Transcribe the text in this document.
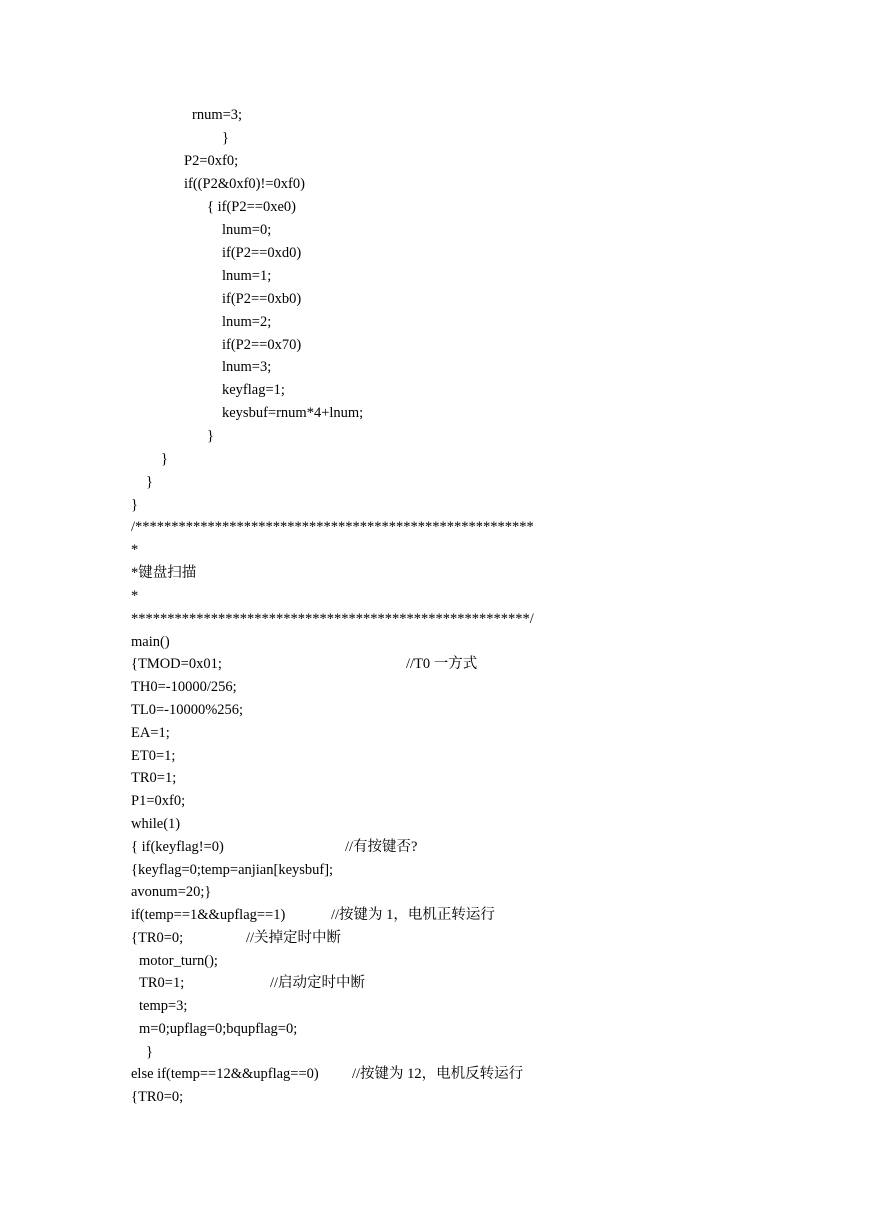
rnum=3;
}
P2=0xf0;
if((P2&0xf0)!=0xf0)
{ if(P2==0xe0)
lnum=0;
if(P2==0xd0)
lnum=1;
if(P2==0xb0)
lnum=2;
if(P2==0x70)
lnum=3;
keyflag=1;
keysbuf=rnum*4+lnum;
}
}
}
}
/*******************************************************
*
*键盘扫描
*
*******************************************************/
main()
{TMOD=0x01;	//T0 一方式
TH0=-10000/256;
TL0=-10000%256;
EA=1;
ET0=1;
TR0=1;
P1=0xf0;
while(1)
{ if(keyflag!=0)	//有按键否?
{keyflag=0;temp=anjian[keysbuf];
avonum=20;}
if(temp==1&&upflag==1)	//按键为 1，电机正转运行
{TR0=0;	//关掉定时中断
motor_turn();
TR0=1;	//启动定时中断
temp=3;
m=0;upflag=0;bqupflag=0;
}
else if(temp==12&&upflag==0) //按键为 12，电机反转运行
{TR0=0;
